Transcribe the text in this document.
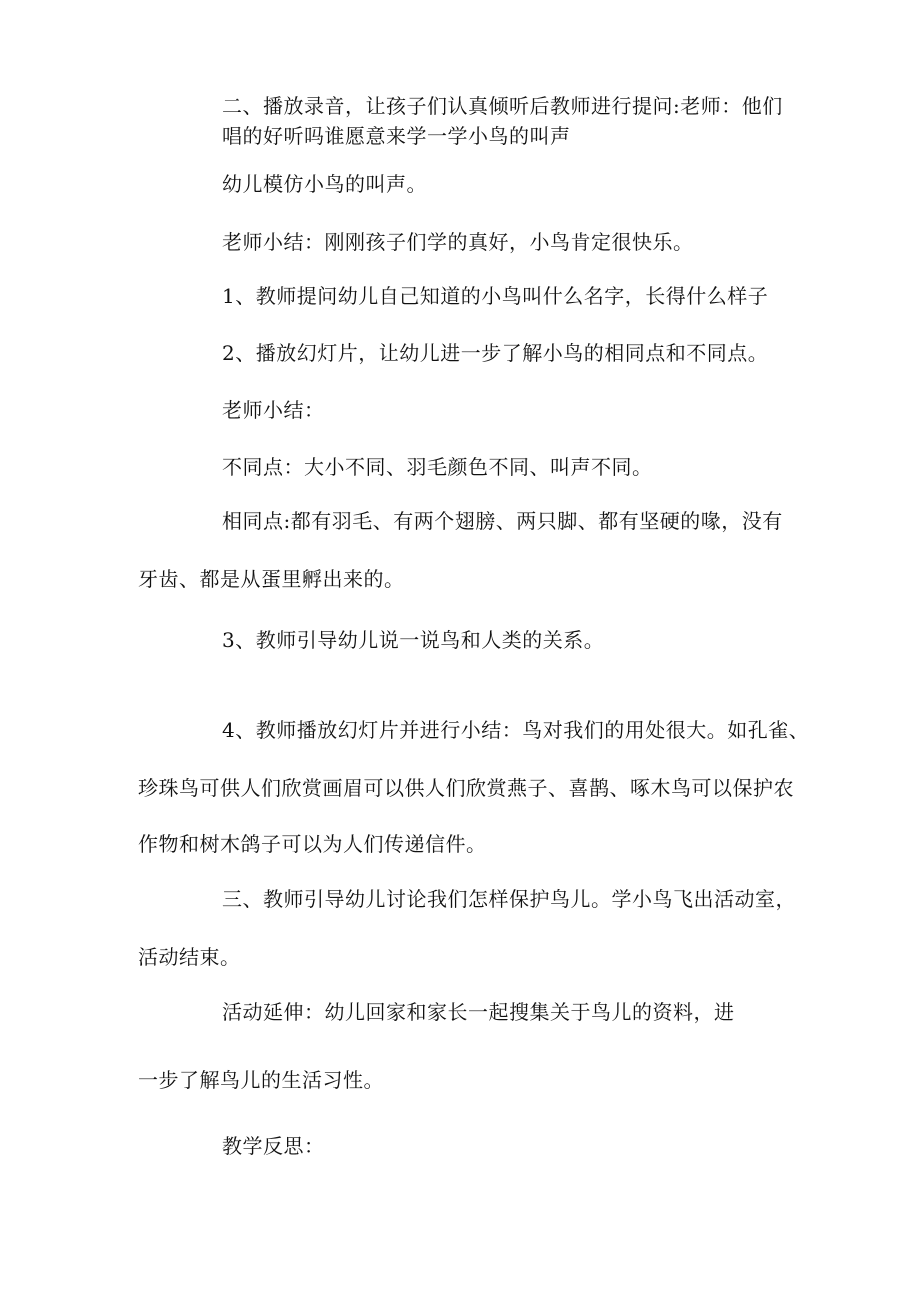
二、播放录音，让孩子们认真倾听后教师进行提问:老师：他们
唱的好听吗谁愿意来学一学小鸟的叫声
幼儿模仿小鸟的叫声。
老师小结：刚刚孩子们学的真好，小鸟肯定很快乐。
1、教师提问幼儿自己知道的小鸟叫什么名字，长得什么样子
2、播放幻灯片，让幼儿进一步了解小鸟的相同点和不同点。
老师小结：
不同点：大小不同、羽毛颜色不同、叫声不同。
相同点:都有羽毛、有两个翅膀、两只脚、都有坚硬的喙，没有
牙齿、都是从蛋里孵出来的。
3、教师引导幼儿说一说鸟和人类的关系。
4、教师播放幻灯片并进行小结：鸟对我们的用处很大。如孔雀、
珍珠鸟可供人们欣赏画眉可以供人们欣赏燕子、喜鹊、啄木鸟可以保护农
作物和树木鸽子可以为人们传递信件。
三、教师引导幼儿讨论我们怎样保护鸟儿。学小鸟飞出活动室，
活动结束。
活动延伸：幼儿回家和家长一起搜集关于鸟儿的资料，进
一步了解鸟儿的生活习性。
教学反思：
